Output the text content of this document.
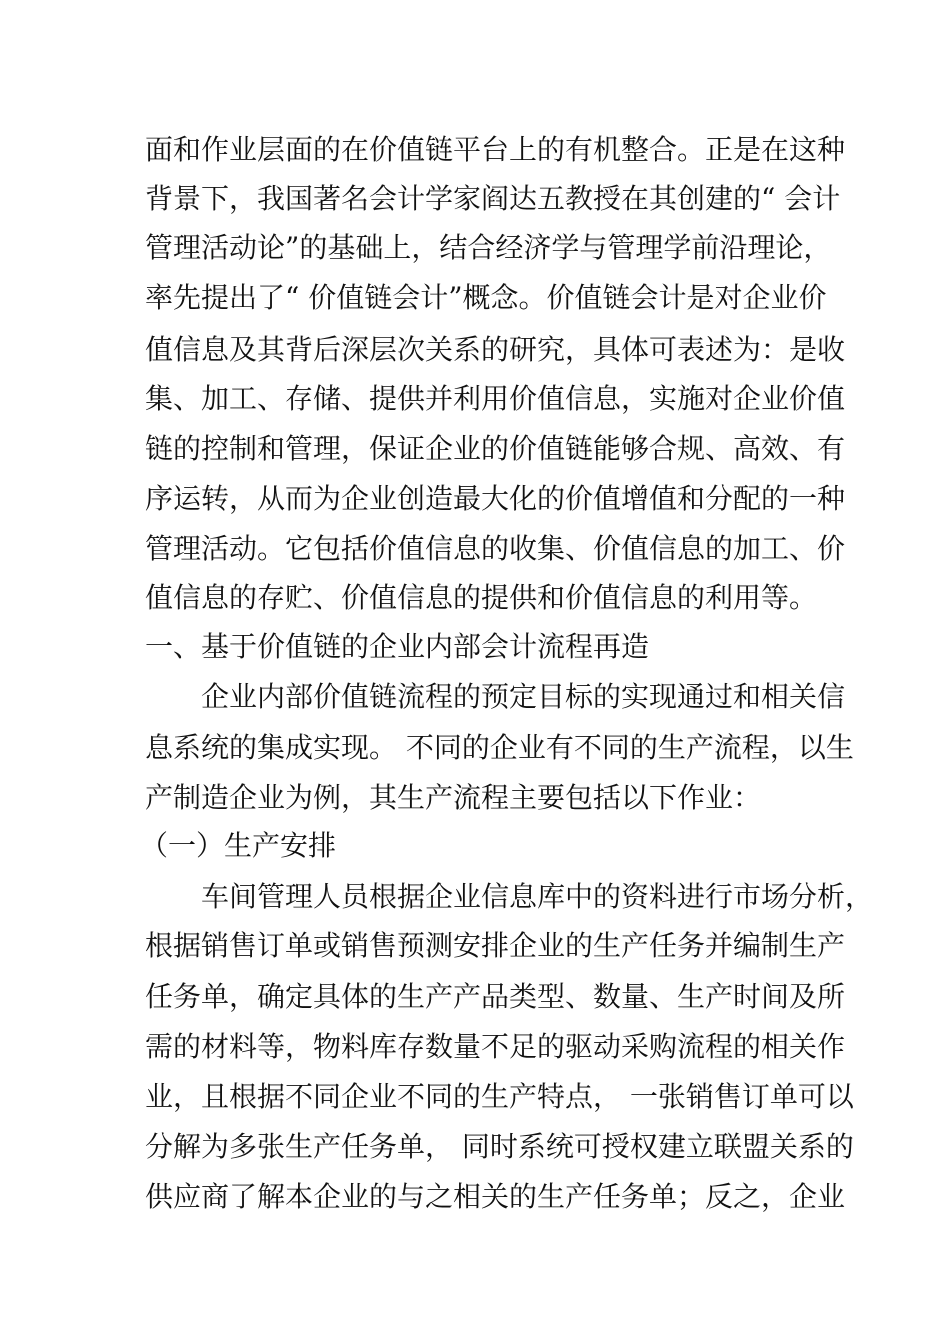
面和作业层面的在价值链平台上的有机整合。正是在这种
背景下，我国著名会计学家阎达五教授在其创建的“ 会计
管理活动论”的基础上，结合经济学与管理学前沿理论，
率先提出了“ 价值链会计”概念。价值链会计是对企业价
值信息及其背后深层次关系的研究，具体可表述为：是收
集、加工、存储、提供并利用价值信息，实施对企业价值
链的控制和管理，保证企业的价值链能够合规、高效、有
序运转，从而为企业创造最大化的价值增值和分配的一种
管理活动。它包括价值信息的收集、价值信息的加工、价
值信息的存贮、价值信息的提供和价值信息的利用等。
一、基于价值链的企业内部会计流程再造
企业内部价值链流程的预定目标的实现通过和相关信
息系统的集成实现。 不同的企业有不同的生产流程，以生
产制造企业为例，其生产流程主要包括以下作业：
（一）生产安排
车间管理人员根据企业信息库中的资料进行市场分析，
根据销售订单或销售预测安排企业的生产任务并编制生产
任务单，确定具体的生产产品类型、数量、生产时间及所
需的材料等，物料库存数量不足的驱动采购流程的相关作
业，且根据不同企业不同的生产特点， 一张销售订单可以
分解为多张生产任务单， 同时系统可授权建立联盟关系的
供应商了解本企业的与之相关的生产任务单；反之，企业
